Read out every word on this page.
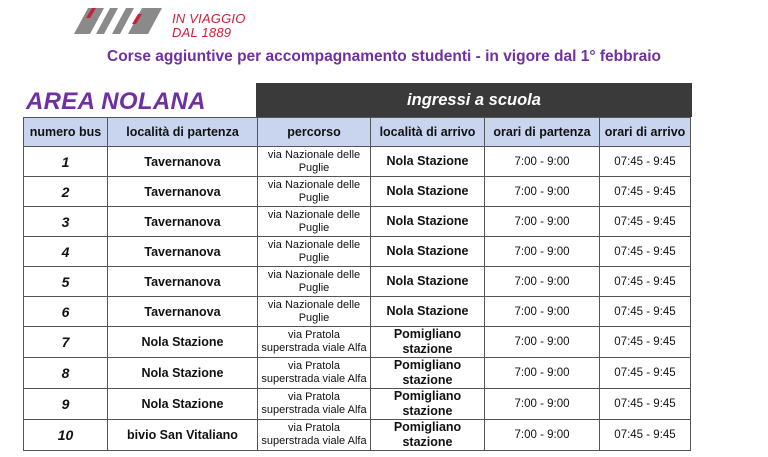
IN VIAGGIO
DAL 1889
Corse aggiuntive per accompagnamento studenti - in vigore dal 1° febbraio
AREA NOLANA	ingressi a scuola
numero bus	località di partenza	percorso	località di arrivo	orari di partenza	orari di arrivo
1	Tavernanova	via Nazionale delle Puglie	Nola Stazione	7:00 - 9:00	07:45 - 9:45
2	Tavernanova	via Nazionale delle Puglie	Nola Stazione	7:00 - 9:00	07:45 - 9:45
3	Tavernanova	via Nazionale delle Puglie	Nola Stazione	7:00 - 9:00	07:45 - 9:45
4	Tavernanova	via Nazionale delle Puglie	Nola Stazione	7:00 - 9:00	07:45 - 9:45
5	Tavernanova	via Nazionale delle Puglie	Nola Stazione	7:00 - 9:00	07:45 - 9:45
6	Tavernanova	via Nazionale delle Puglie	Nola Stazione	7:00 - 9:00	07:45 - 9:45
7	Nola Stazione	via Pratola superstrada viale Alfa	Pomigliano stazione	7:00 - 9:00	07:45 - 9:45
8	Nola Stazione	via Pratola superstrada viale Alfa	Pomigliano stazione	7:00 - 9:00	07:45 - 9:45
9	Nola Stazione	via Pratola superstrada viale Alfa	Pomigliano stazione	7:00 - 9:00	07:45 - 9:45
10	bivio San Vitaliano	via Pratola superstrada viale Alfa	Pomigliano stazione	7:00 - 9:00	07:45 - 9:45
